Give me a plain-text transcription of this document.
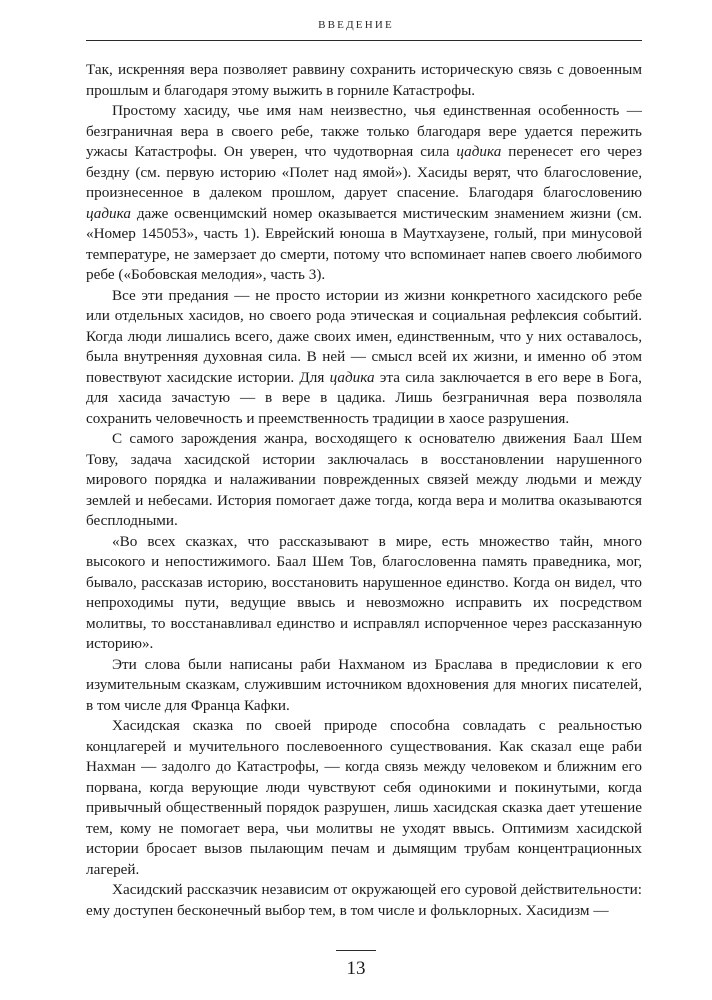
ВВЕДЕНИЕ

Так, искренняя вера позволяет раввину сохранить историческую связь с довоенным прошлым и благодаря этому выжить в горниле Катастрофы.

Простому хасиду, чье имя нам неизвестно, чья единственная особенность — безграничная вера в своего ребе, также только благодаря вере удается пережить ужасы Катастрофы. Он уверен, что чудотворная сила цадика перенесет его через бездну (см. первую историю «Полет над ямой»). Хасиды верят, что благословение, произнесенное в далеком прошлом, дарует спасение. Благодаря благословению цадика даже освенцимский номер оказывается мистическим знамением жизни (см. «Номер 145053», часть 1). Еврейский юноша в Маутхаузене, голый, при минусовой температуре, не замерзает до смерти, потому что вспоминает напев своего любимого ребе («Бобовская мелодия», часть 3).

Все эти предания — не просто истории из жизни конкретного хасидского ребе или отдельных хасидов, но своего рода этическая и социальная рефлексия событий. Когда люди лишались всего, даже своих имен, единственным, что у них оставалось, была внутренняя духовная сила. В ней — смысл всей их жизни, и именно об этом повествуют хасидские истории. Для цадика эта сила заключается в его вере в Бога, для хасида зачастую — в вере в цадика. Лишь безграничная вера позволяла сохранить человечность и преемственность традиции в хаосе разрушения.

С самого зарождения жанра, восходящего к основателю движения Баал Шем Тову, задача хасидской истории заключалась в восстановлении нарушенного мирового порядка и налаживании поврежденных связей между людьми и между землей и небесами. История помогает даже тогда, когда вера и молитва оказываются бесплодными.

«Во всех сказках, что рассказывают в мире, есть множество тайн, много высокого и непостижимого. Баал Шем Тов, благословенна память праведника, мог, бывало, рассказав историю, восстановить нарушенное единство. Когда он видел, что непроходимы пути, ведущие ввысь и невозможно исправить их посредством молитвы, то восстанавливал единство и исправлял испорченное через рассказанную историю».

Эти слова были написаны раби Нахманом из Браслава в предисловии к его изумительным сказкам, служившим источником вдохновения для многих писателей, в том числе для Франца Кафки.

Хасидская сказка по своей природе способна совладать с реальностью концлагерей и мучительного послевоенного существования. Как сказал еще раби Нахман — задолго до Катастрофы, — когда связь между человеком и ближним его порвана, когда верующие люди чувствуют себя одинокими и покинутыми, когда привычный общественный порядок разрушен, лишь хасидская сказка дает утешение тем, кому не помогает вера, чьи молитвы не уходят ввысь. Оптимизм хасидской истории бросает вызов пылающим печам и дымящим трубам концентрационных лагерей.

Хасидский рассказчик независим от окружающей его суровой действительности: ему доступен бесконечный выбор тем, в том числе и фольклорных. Хасидизм —

13
